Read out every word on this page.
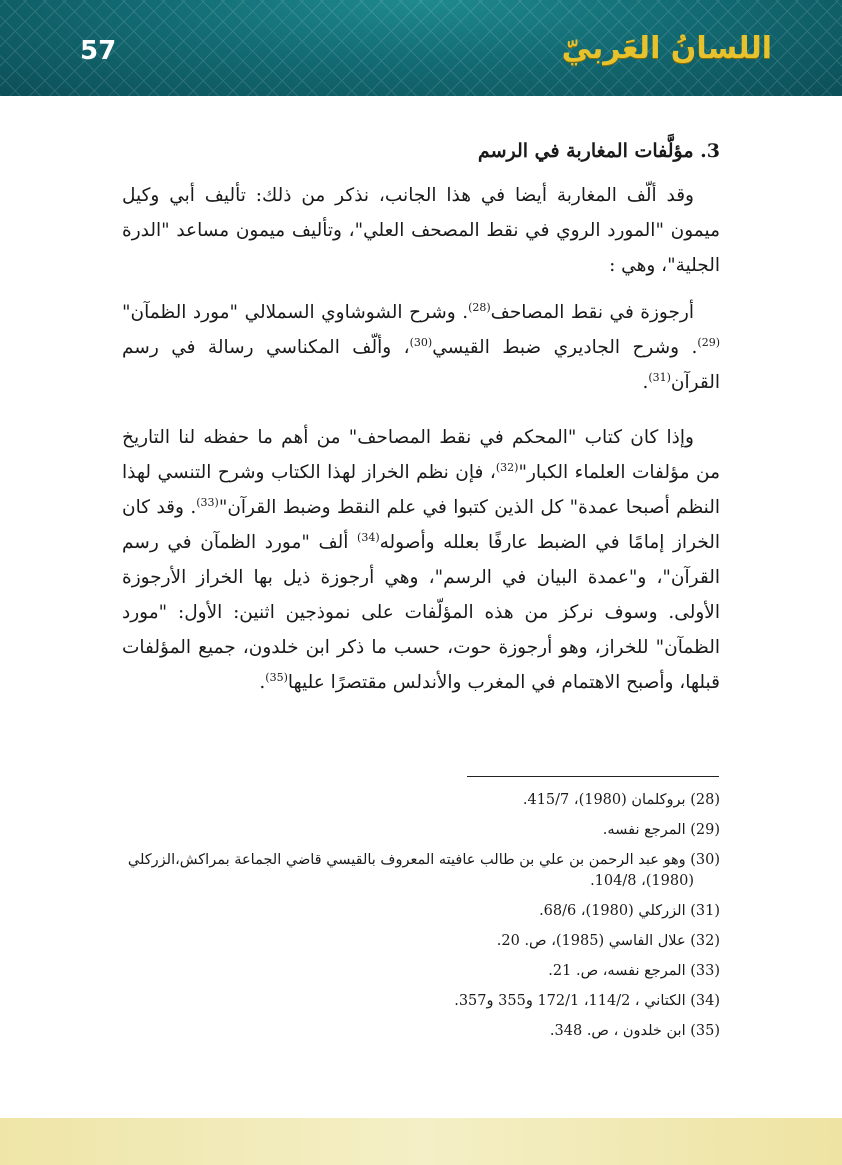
57	اللسانُ العَربيّ
3. مؤلَّفات المغاربة في الرسم

وقد ألّف المغاربة أيضا في هذا الجانب، نذكر من ذلك: تأليف أبي وكيل ميمون "المورد الروي في نقط المصحف العلي"، وتأليف ميمون مساعد "الدرة الجلية"، وهي :

أرجوزة في نقط المصاحف$^{(28)}$. وشرح الشوشاوي السملالي "مورد الظمآن"$^{(29)}$. وشرح الجاديري ضبط القيسي$^{(30)}$، وألّف المكناسي رسالة في رسم القرآن$^{(31)}$.

وإذا كان كتاب "المحكم في نقط المصاحف" من أهم ما حفظه لنا التاريخ من مؤلفات العلماء الكبار"$^{(32)}$، فإن نظم الخراز لهذا الكتاب وشرح التنسي لهذا النظم أصبحا عمدة" كل الذين كتبوا في علم النقط وضبط القرآن"$^{(33)}$. وقد كان الخراز إمامًا في الضبط عارفًا بعلله وأصوله$^{(34)}$ ألف "مورد الظمآن في رسم القرآن"، و"عمدة البيان في الرسم"، وهي أرجوزة ذيل بها الخراز الأرجوزة الأولى. وسوف نركز من هذه المؤلّفات على نموذجين اثنين: الأول: "مورد الظمآن" للخراز، وهو أرجوزة حوت، حسب ما ذكر ابن خلدون، جميع المؤلفات قبلها، وأصبح الاهتمام في المغرب والأندلس مقتصرًا عليها$^{(35)}$.

(28) بروكلمان (1980)، 415/7.
(29) المرجع نفسه.
(30) وهو عبد الرحمن بن علي بن طالب عافيته المعروف بالقيسي قاضي الجماعة بمراكش،الزركلي (1980)، 104/8.
(31) الزركلي (1980)، 68/6.
(32) علال الفاسي (1985)، ص. 20.
(33) المرجع نفسه، ص. 21.
(34) الكتاني ، 114/2، 172/1 و355 و357.
(35) ابن خلدون ، ص. 348.
